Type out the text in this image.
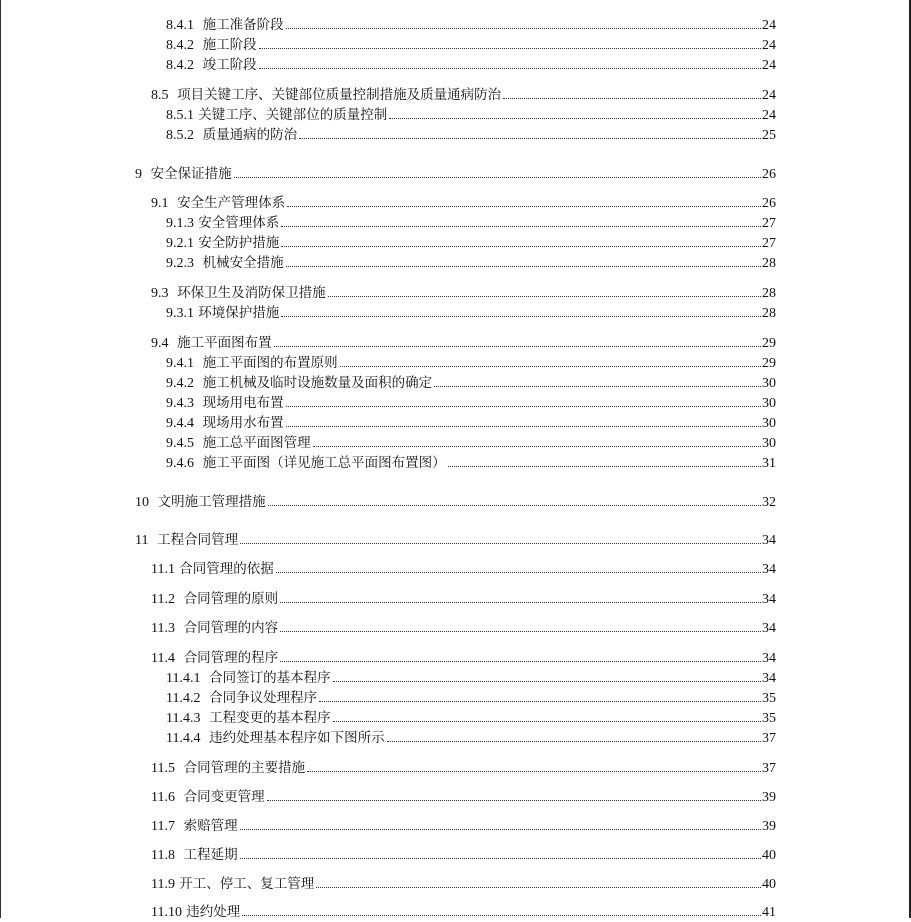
8.4.1 施工准备阶段	24
8.4.2 施工阶段	24
8.4.2 竣工阶段	24
8.5 项目关键工序、关键部位质量控制措施及质量通病防治	24
8.5.1 关键工序、关键部位的质量控制	24
8.5.2 质量通病的防治	25
9 安全保证措施	26
9.1 安全生产管理体系	26
9.1.3 安全管理体系	27
9.2.1 安全防护措施	27
9.2.3 机械安全措施	28
9.3 环保卫生及消防保卫措施	28
9.3.1 环境保护措施	28
9.4 施工平面图布置	29
9.4.1 施工平面图的布置原则	29
9.4.2 施工机械及临时设施数量及面积的确定	30
9.4.3 现场用电布置	30
9.4.4 现场用水布置	30
9.4.5 施工总平面图管理	30
9.4.6 施工平面图（详见施工总平面图布置图）	31
10 文明施工管理措施	32
11 工程合同管理	34
11.1 合同管理的依据	34
11.2 合同管理的原则	34
11.3 合同管理的内容	34
11.4 合同管理的程序	34
11.4.1 合同签订的基本程序	34
11.4.2 合同争议处理程序	35
11.4.3 工程变更的基本程序	35
11.4.4 违约处理基本程序如下图所示	37
11.5 合同管理的主要措施	37
11.6 合同变更管理	39
11.7 索赔管理	39
11.8 工程延期	40
11.9 开工、停工、复工管理	40
11.10 违约处理	41
